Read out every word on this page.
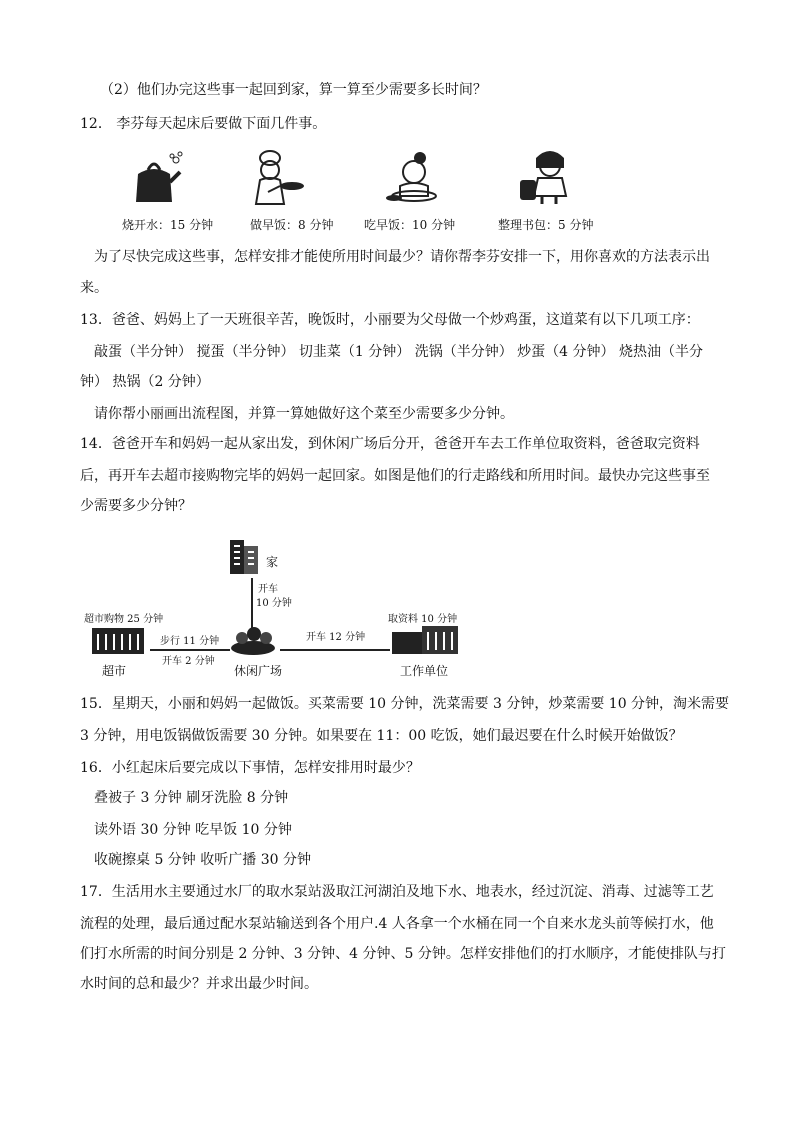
（2）他们办完这些事一起回到家，算一算至少需要多长时间？
12． 李芬每天起床后要做下面几件事。
烧开水：15 分钟	做早饭：8 分钟	吃早饭：10 分钟	整理书包：5 分钟
为了尽快完成这些事，怎样安排才能使所用时间最少？请你帮李芬安排一下，用你喜欢的方法表示出
来。
13．爸爸、妈妈上了一天班很辛苦，晚饭时，小丽要为父母做一个炒鸡蛋，这道菜有以下几项工序：
敲蛋（半分钟） 搅蛋（半分钟） 切韭菜（1 分钟） 洗锅（半分钟） 炒蛋（4 分钟） 烧热油（半分
钟） 热锅（2 分钟）
请你帮小丽画出流程图，并算一算她做好这个菜至少需要多少分钟。
14．爸爸开车和妈妈一起从家出发，到休闲广场后分开，爸爸开车去工作单位取资料，爸爸取完资料
后，再开车去超市接购物完毕的妈妈一起回家。如图是他们的行走路线和所用时间。最快办完这些事至
少需要多少分钟？
家
开车
10 分钟
超市购物 25 分钟
超市
步行 11 分钟
开车 2 分钟
休闲广场
开车 12 分钟
取资料 10 分钟
工作单位
15．星期天，小丽和妈妈一起做饭。买菜需要 10 分钟，洗菜需要 3 分钟，炒菜需要 10 分钟，淘米需要
3 分钟，用电饭锅做饭需要 30 分钟。如果要在 11：00 吃饭，她们最迟要在什么时候开始做饭？
16．小红起床后要完成以下事情，怎样安排用时最少？
叠被子 3 分钟 刷牙洗脸 8 分钟
读外语 30 分钟 吃早饭 10 分钟
收碗擦桌 5 分钟 收听广播 30 分钟
17．生活用水主要通过水厂的取水泵站汲取江河湖泊及地下水、地表水，经过沉淀、消毒、过滤等工艺
流程的处理，最后通过配水泵站输送到各个用户.4 人各拿一个水桶在同一个自来水龙头前等候打水，他
们打水所需的时间分别是 2 分钟、3 分钟、4 分钟、5 分钟。怎样安排他们的打水顺序，才能使排队与打
水时间的总和最少？并求出最少时间。
